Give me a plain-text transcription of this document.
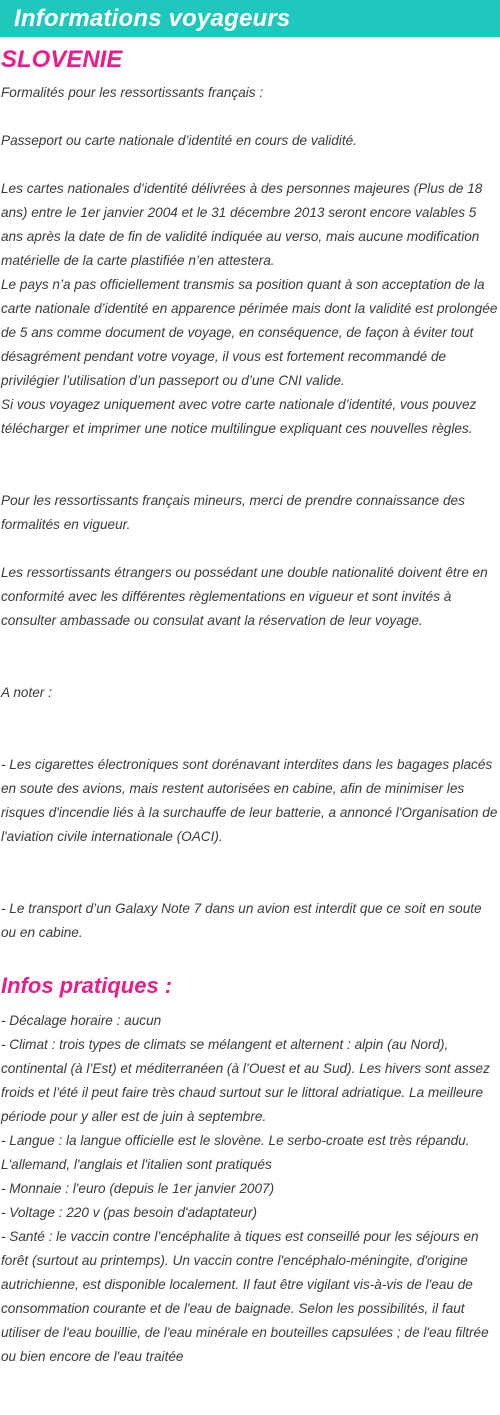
Informations voyageurs
SLOVENIE

Formalités pour les ressortissants français :

Passeport ou carte nationale d’identité en cours de validité.

Les cartes nationales d’identité délivrées à des personnes majeures (Plus de 18 ans) entre le 1er janvier 2004 et le 31 décembre 2013 seront encore valables 5 ans après la date de fin de validité indiquée au verso, mais aucune modification matérielle de la carte plastifiée n’en attestera.
Le pays n’a pas officiellement transmis sa position quant à son acceptation de la carte nationale d’identité en apparence périmée mais dont la validité est prolongée de 5 ans comme document de voyage, en conséquence, de façon à éviter tout désagrément pendant votre voyage, il vous est fortement recommandé de privilégier l’utilisation d’un passeport ou d’une CNI valide.
Si vous voyagez uniquement avec votre carte nationale d’identité, vous pouvez télécharger et imprimer une notice multilingue expliquant ces nouvelles règles.

Pour les ressortissants français mineurs, merci de prendre connaissance des formalités en vigueur.

Les ressortissants étrangers ou possédant une double nationalité doivent être en conformité avec les différentes règlementations en vigueur et sont invités à consulter ambassade ou consulat avant la réservation de leur voyage.

A noter :

- Les cigarettes électroniques sont dorénavant interdites dans les bagages placés en soute des avions, mais restent autorisées en cabine, afin de minimiser les risques d'incendie liés à la surchauffe de leur batterie, a annoncé l'Organisation de l'aviation civile internationale (OACI).

- Le transport d’un Galaxy Note 7 dans un avion est interdit que ce soit en soute ou en cabine.

Infos pratiques :

- Décalage horaire : aucun
- Climat : trois types de climats se mélangent et alternent : alpin (au Nord), continental (à l’Est) et méditerranéen (à l’Ouest et au Sud). Les hivers sont assez froids et l’été il peut faire très chaud surtout sur le littoral adriatique. La meilleure période pour y aller est de juin à septembre.
- Langue : la langue officielle est le slovène. Le serbo-croate est très répandu. L'allemand, l'anglais et l'italien sont pratiqués
- Monnaie : l'euro (depuis le 1er janvier 2007)
- Voltage : 220 v (pas besoin d'adaptateur)
- Santé : le vaccin contre l’encéphalite à tiques est conseillé pour les séjours en forêt (surtout au printemps). Un vaccin contre l'encéphalo-méningite, d'origine autrichienne, est disponible localement. Il faut être vigilant vis-à-vis de l'eau de consommation courante et de l'eau de baignade. Selon les possibilités, il faut utiliser de l'eau bouillie, de l'eau minérale en bouteilles capsulées ; de l'eau filtrée ou bien encore de l'eau traitée
